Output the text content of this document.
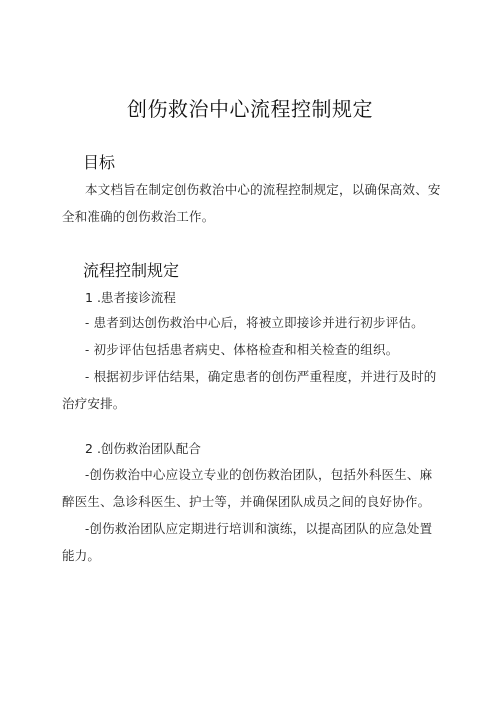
创伤救治中心流程控制规定
目标

本文档旨在制定创伤救治中心的流程控制规定，以确保高效、安全和准确的创伤救治工作。

流程控制规定
1 .患者接诊流程

- 患者到达创伤救治中心后，将被立即接诊并进行初步评估。

- 初步评估包括患者病史、体格检查和相关检查的组织。

- 根据初步评估结果，确定患者的创伤严重程度，并进行及时的治疗安排。

2 .创伤救治团队配合

-创伤救治中心应设立专业的创伤救治团队，包括外科医生、麻醉医生、急诊科医生、护士等，并确保团队成员之间的良好协作。

-创伤救治团队应定期进行培训和演练，以提高团队的应急处置能力。
